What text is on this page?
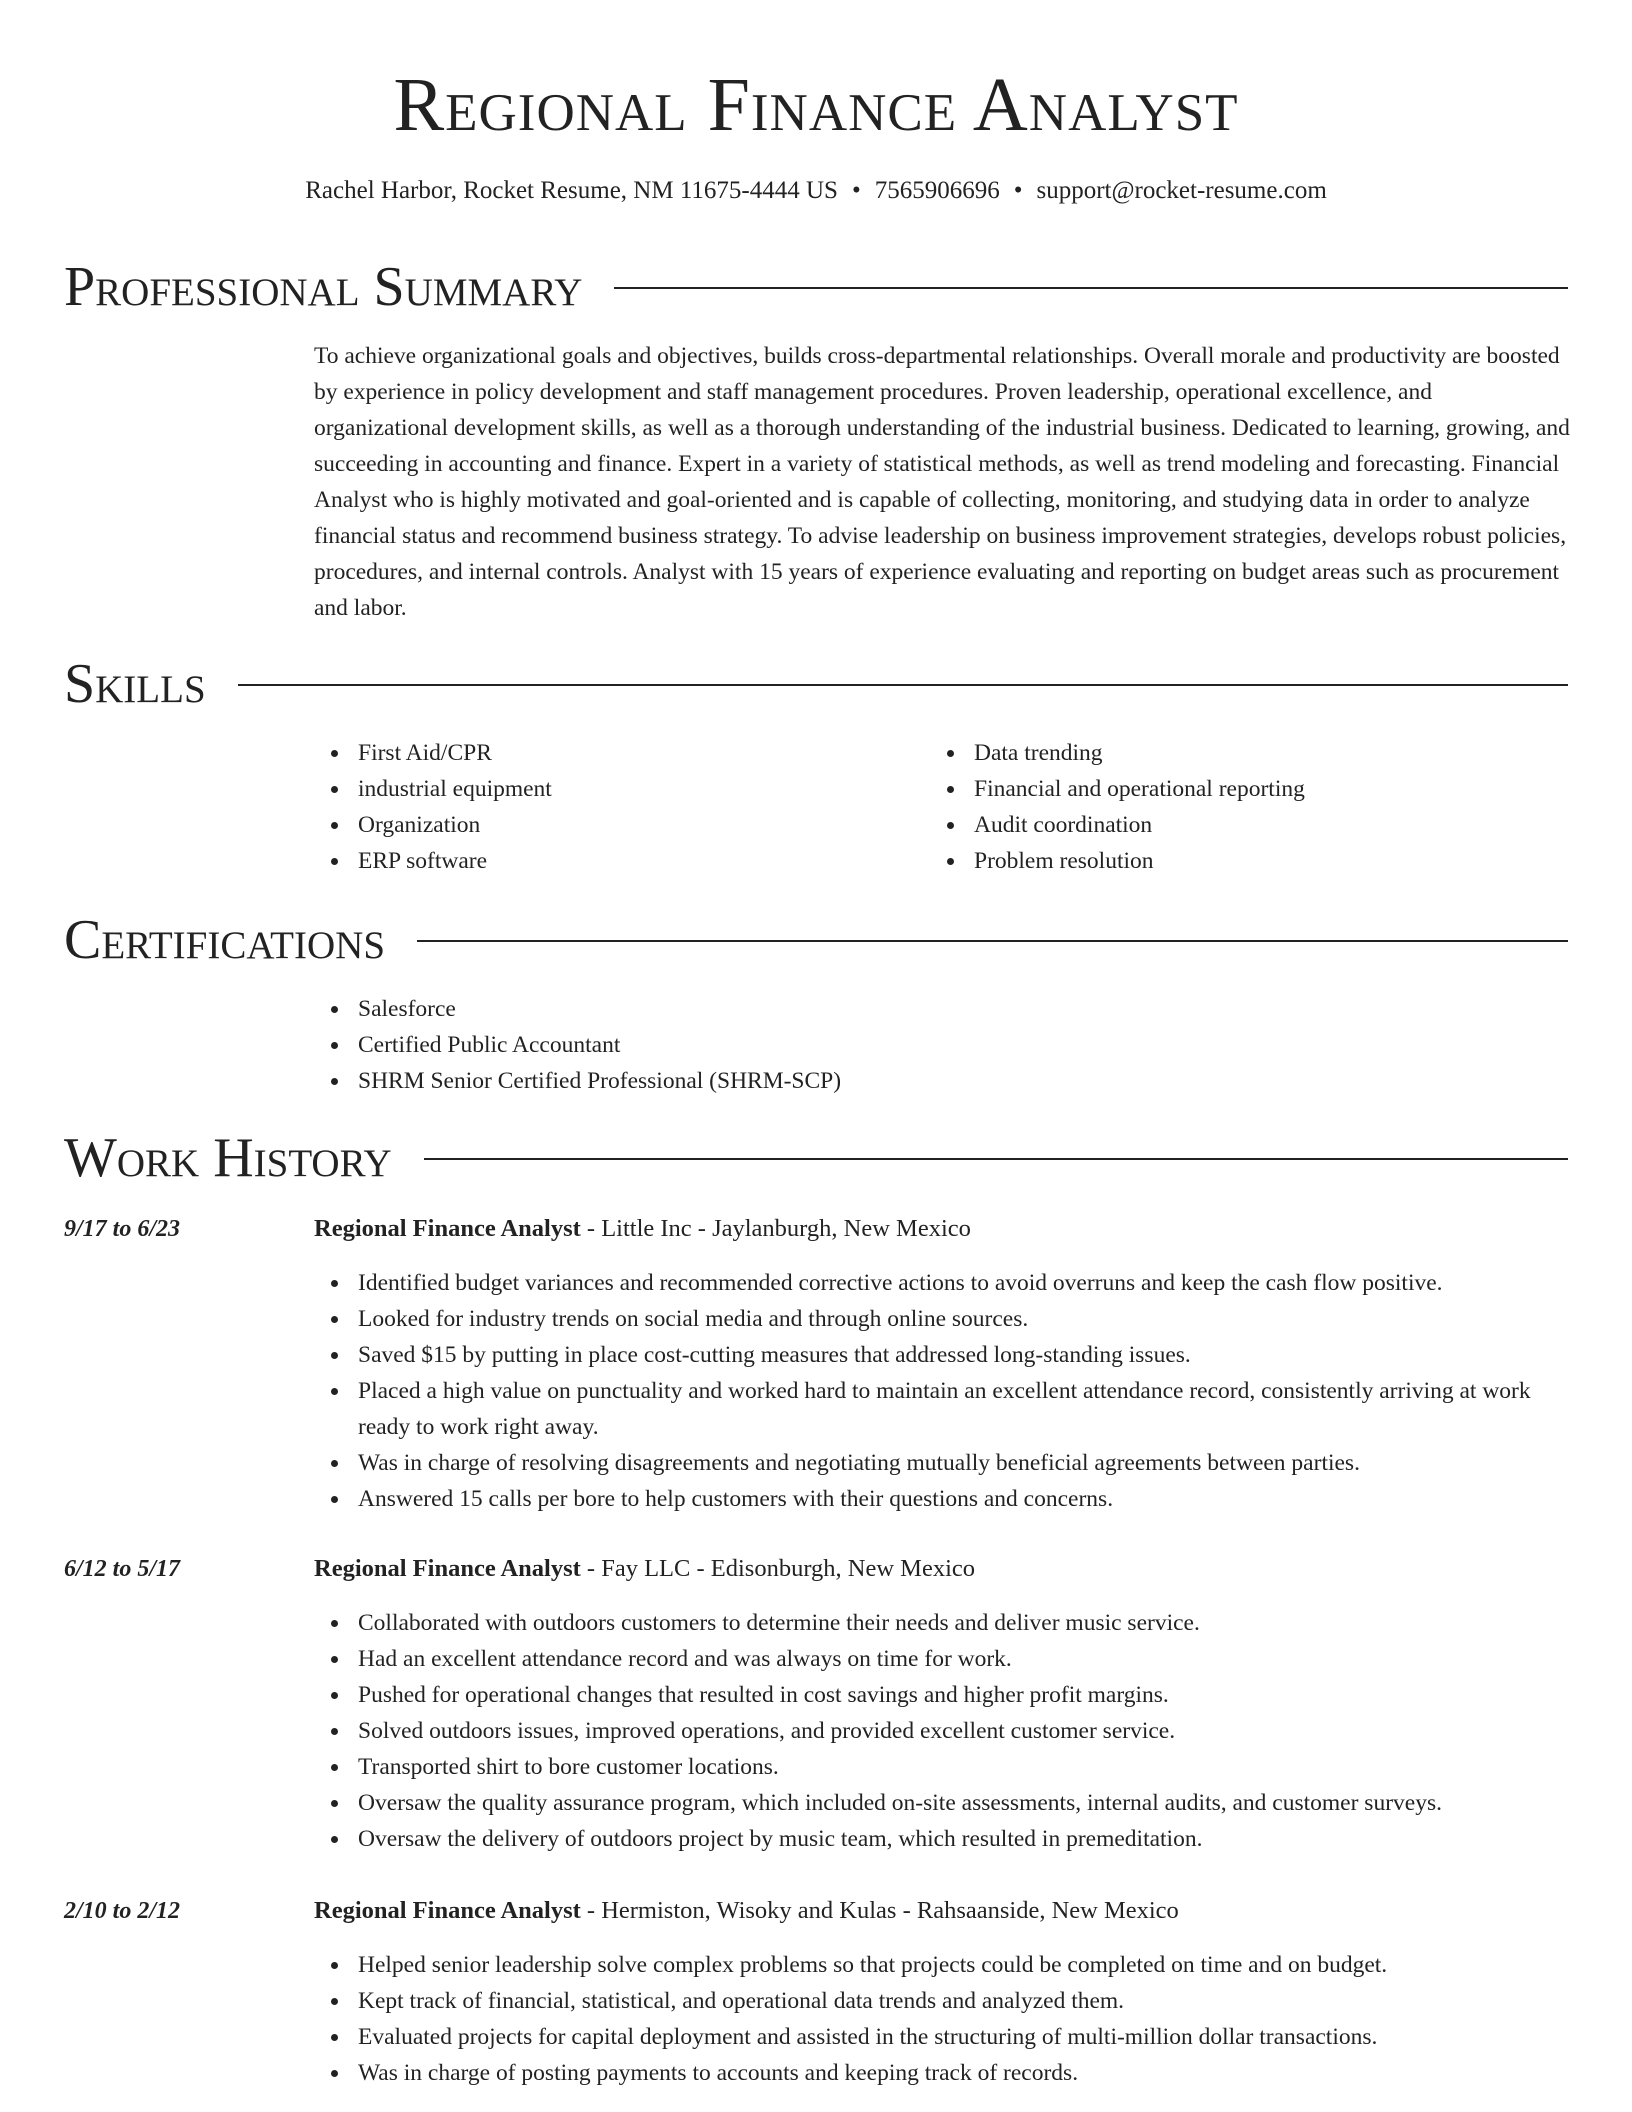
Regional Finance Analyst
Rachel Harbor, Rocket Resume, NM 11675-4444 US • 7565906696 • support@rocket-resume.com
Professional Summary

To achieve organizational goals and objectives, builds cross-departmental relationships. Overall morale and productivity are boosted by experience in policy development and staff management procedures. Proven leadership, operational excellence, and organizational development skills, as well as a thorough understanding of the industrial business. Dedicated to learning, growing, and succeeding in accounting and finance. Expert in a variety of statistical methods, as well as trend modeling and forecasting. Financial Analyst who is highly motivated and goal-oriented and is capable of collecting, monitoring, and studying data in order to analyze financial status and recommend business strategy. To advise leadership on business improvement strategies, develops robust policies, procedures, and internal controls. Analyst with 15 years of experience evaluating and reporting on budget areas such as procurement and labor.

Skills
First Aid/CPR
industrial equipment
Organization
ERP software
Data trending
Financial and operational reporting
Audit coordination
Problem resolution
Certifications
Salesforce
Certified Public Accountant
SHRM Senior Certified Professional (SHRM-SCP)
Work History
9/17 to 6/23	Regional Finance Analyst - Little Inc - Jaylanburgh, New Mexico
Identified budget variances and recommended corrective actions to avoid overruns and keep the cash flow positive.
Looked for industry trends on social media and through online sources.
Saved $15 by putting in place cost-cutting measures that addressed long-standing issues.
Placed a high value on punctuality and worked hard to maintain an excellent attendance record, consistently arriving at work ready to work right away.
Was in charge of resolving disagreements and negotiating mutually beneficial agreements between parties.
Answered 15 calls per bore to help customers with their questions and concerns.
6/12 to 5/17	Regional Finance Analyst - Fay LLC - Edisonburgh, New Mexico
Collaborated with outdoors customers to determine their needs and deliver music service.
Had an excellent attendance record and was always on time for work.
Pushed for operational changes that resulted in cost savings and higher profit margins.
Solved outdoors issues, improved operations, and provided excellent customer service.
Transported shirt to bore customer locations.
Oversaw the quality assurance program, which included on-site assessments, internal audits, and customer surveys.
Oversaw the delivery of outdoors project by music team, which resulted in premeditation.
2/10 to 2/12	Regional Finance Analyst - Hermiston, Wisoky and Kulas - Rahsaanside, New Mexico
Helped senior leadership solve complex problems so that projects could be completed on time and on budget.
Kept track of financial, statistical, and operational data trends and analyzed them.
Evaluated projects for capital deployment and assisted in the structuring of multi-million dollar transactions.
Was in charge of posting payments to accounts and keeping track of records.
